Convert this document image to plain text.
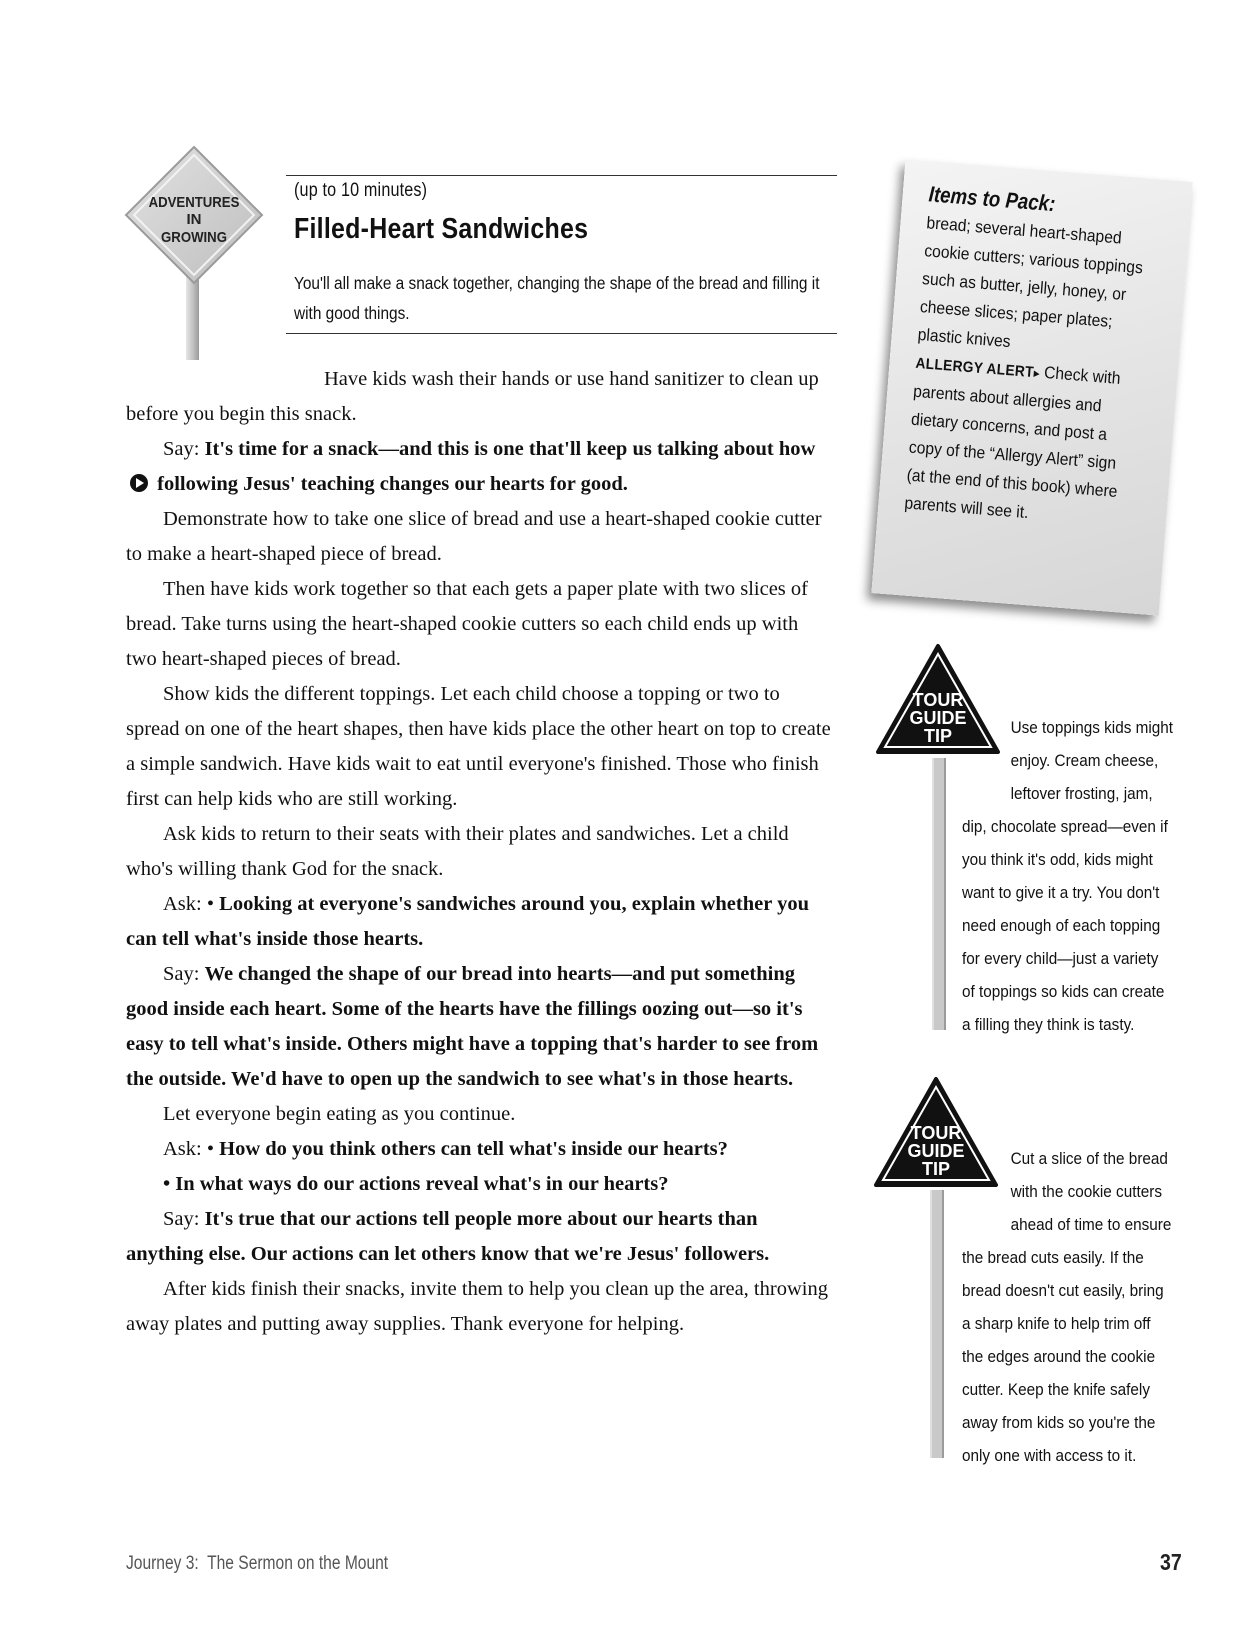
ADVENTURES
IN
GROWING
(up to 10 minutes)
Filled-Heart Sandwiches
You'll all make a snack together, changing the shape of the bread and filling it with good things.

Have kids wash their hands or use hand sanitizer to clean up before you begin this snack.

Say: It's time for a snack—and this is one that'll keep us talking about how  following Jesus' teaching changes our hearts for good.

Demonstrate how to take one slice of bread and use a heart-shaped cookie cutter to make a heart-shaped piece of bread.

Then have kids work together so that each gets a paper plate with two slices of bread. Take turns using the heart-shaped cookie cutters so each child ends up with two heart-shaped pieces of bread.

Show kids the different toppings. Let each child choose a topping or two to spread on one of the heart shapes, then have kids place the other heart on top to create a simple sandwich. Have kids wait to eat until everyone's finished. Those who finish first can help kids who are still working.

Ask kids to return to their seats with their plates and sandwiches. Let a child who's willing thank God for the snack.

Ask: • Looking at everyone's sandwiches around you, explain whether you can tell what's inside those hearts.

Say: We changed the shape of our bread into hearts—and put something good inside each heart. Some of the hearts have the fillings oozing out—so it's easy to tell what's inside. Others might have a topping that's harder to see from the outside. We'd have to open up the sandwich to see what's in those hearts.

Let everyone begin eating as you continue.

Ask: • How do you think others can tell what's inside our hearts?

• In what ways do our actions reveal what's in our hearts?

Say: It's true that our actions tell people more about our hearts than anything else. Our actions can let others know that we're Jesus' followers.

After kids finish their snacks, invite them to help you clean up the area, throwing away plates and putting away supplies. Thank everyone for helping.

Items to Pack:
bread; several heart-shaped cookie cutters; various toppings such as butter, jelly, honey, or cheese slices; paper plates; plastic knives
ALLERGY ALERT▸ Check with parents about allergies and dietary concerns, and post a copy of the “Allergy Alert” sign (at the end of this book) where parents will see it.
TOUR
GUIDE
TIP	Use toppings kids might
enjoy. Cream cheese,
leftover frosting, jam,
dip, chocolate spread—even if
you think it's odd, kids might
want to give it a try. You don't
need enough of each topping
for every child—just a variety
of toppings so kids can create
a filling they think is tasty.
TOUR
GUIDE
TIP
Cut a slice of the bread
with the cookie cutters
ahead of time to ensure
the bread cuts easily. If the
bread doesn't cut easily, bring
a sharp knife to help trim off
the edges around the cookie
cutter. Keep the knife safely
away from kids so you're the
only one with access to it.
Journey 3:  The Sermon on the Mount	37
